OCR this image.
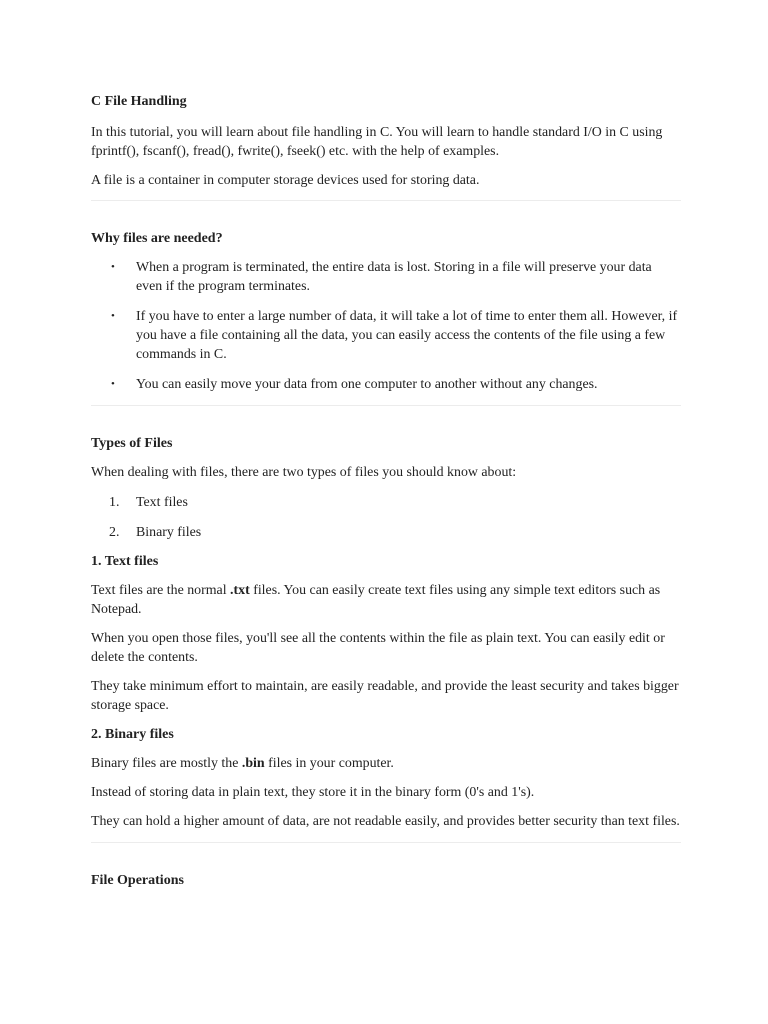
C File Handling

In this tutorial, you will learn about file handling in C. You will learn to handle standard I/O in C using fprintf(), fscanf(), fread(), fwrite(), fseek() etc. with the help of examples.

A file is a container in computer storage devices used for storing data.

Why files are needed?
• When a program is terminated, the entire data is lost. Storing in a file will preserve your data even if the program terminates.
• If you have to enter a large number of data, it will take a lot of time to enter them all. However, if you have a file containing all the data, you can easily access the contents of the file using a few commands in C.
• You can easily move your data from one computer to another without any changes.
Types of Files

When dealing with files, there are two types of files you should know about:

1.	Text files
2.	Binary files
1. Text files

Text files are the normal .txt files. You can easily create text files using any simple text editors such as Notepad.

When you open those files, you'll see all the contents within the file as plain text. You can easily edit or delete the contents.

They take minimum effort to maintain, are easily readable, and provide the least security and takes bigger storage space.

2. Binary files

Binary files are mostly the .bin files in your computer.

Instead of storing data in plain text, they store it in the binary form (0's and 1's).

They can hold a higher amount of data, are not readable easily, and provides better security than text files.

File Operations
